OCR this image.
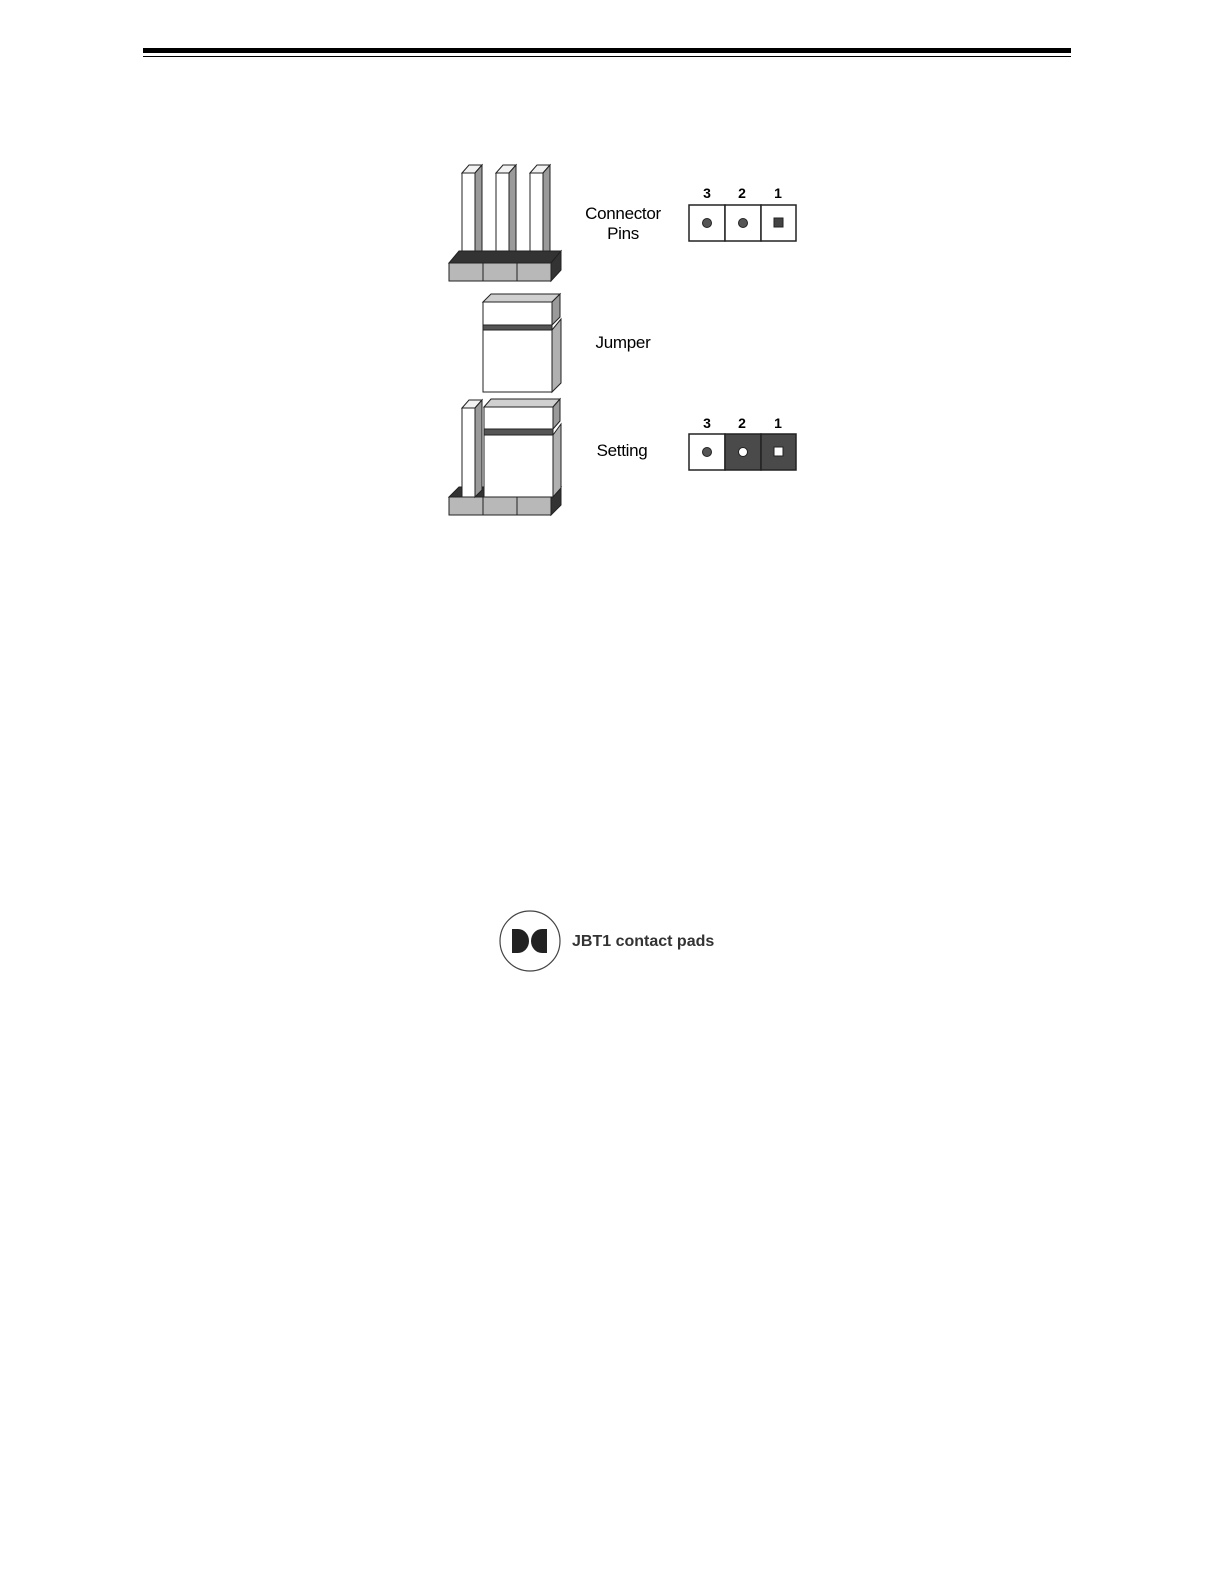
Connector
Pins
Jumper
Setting
3	2	1
3	2	1
JBT1 contact pads
